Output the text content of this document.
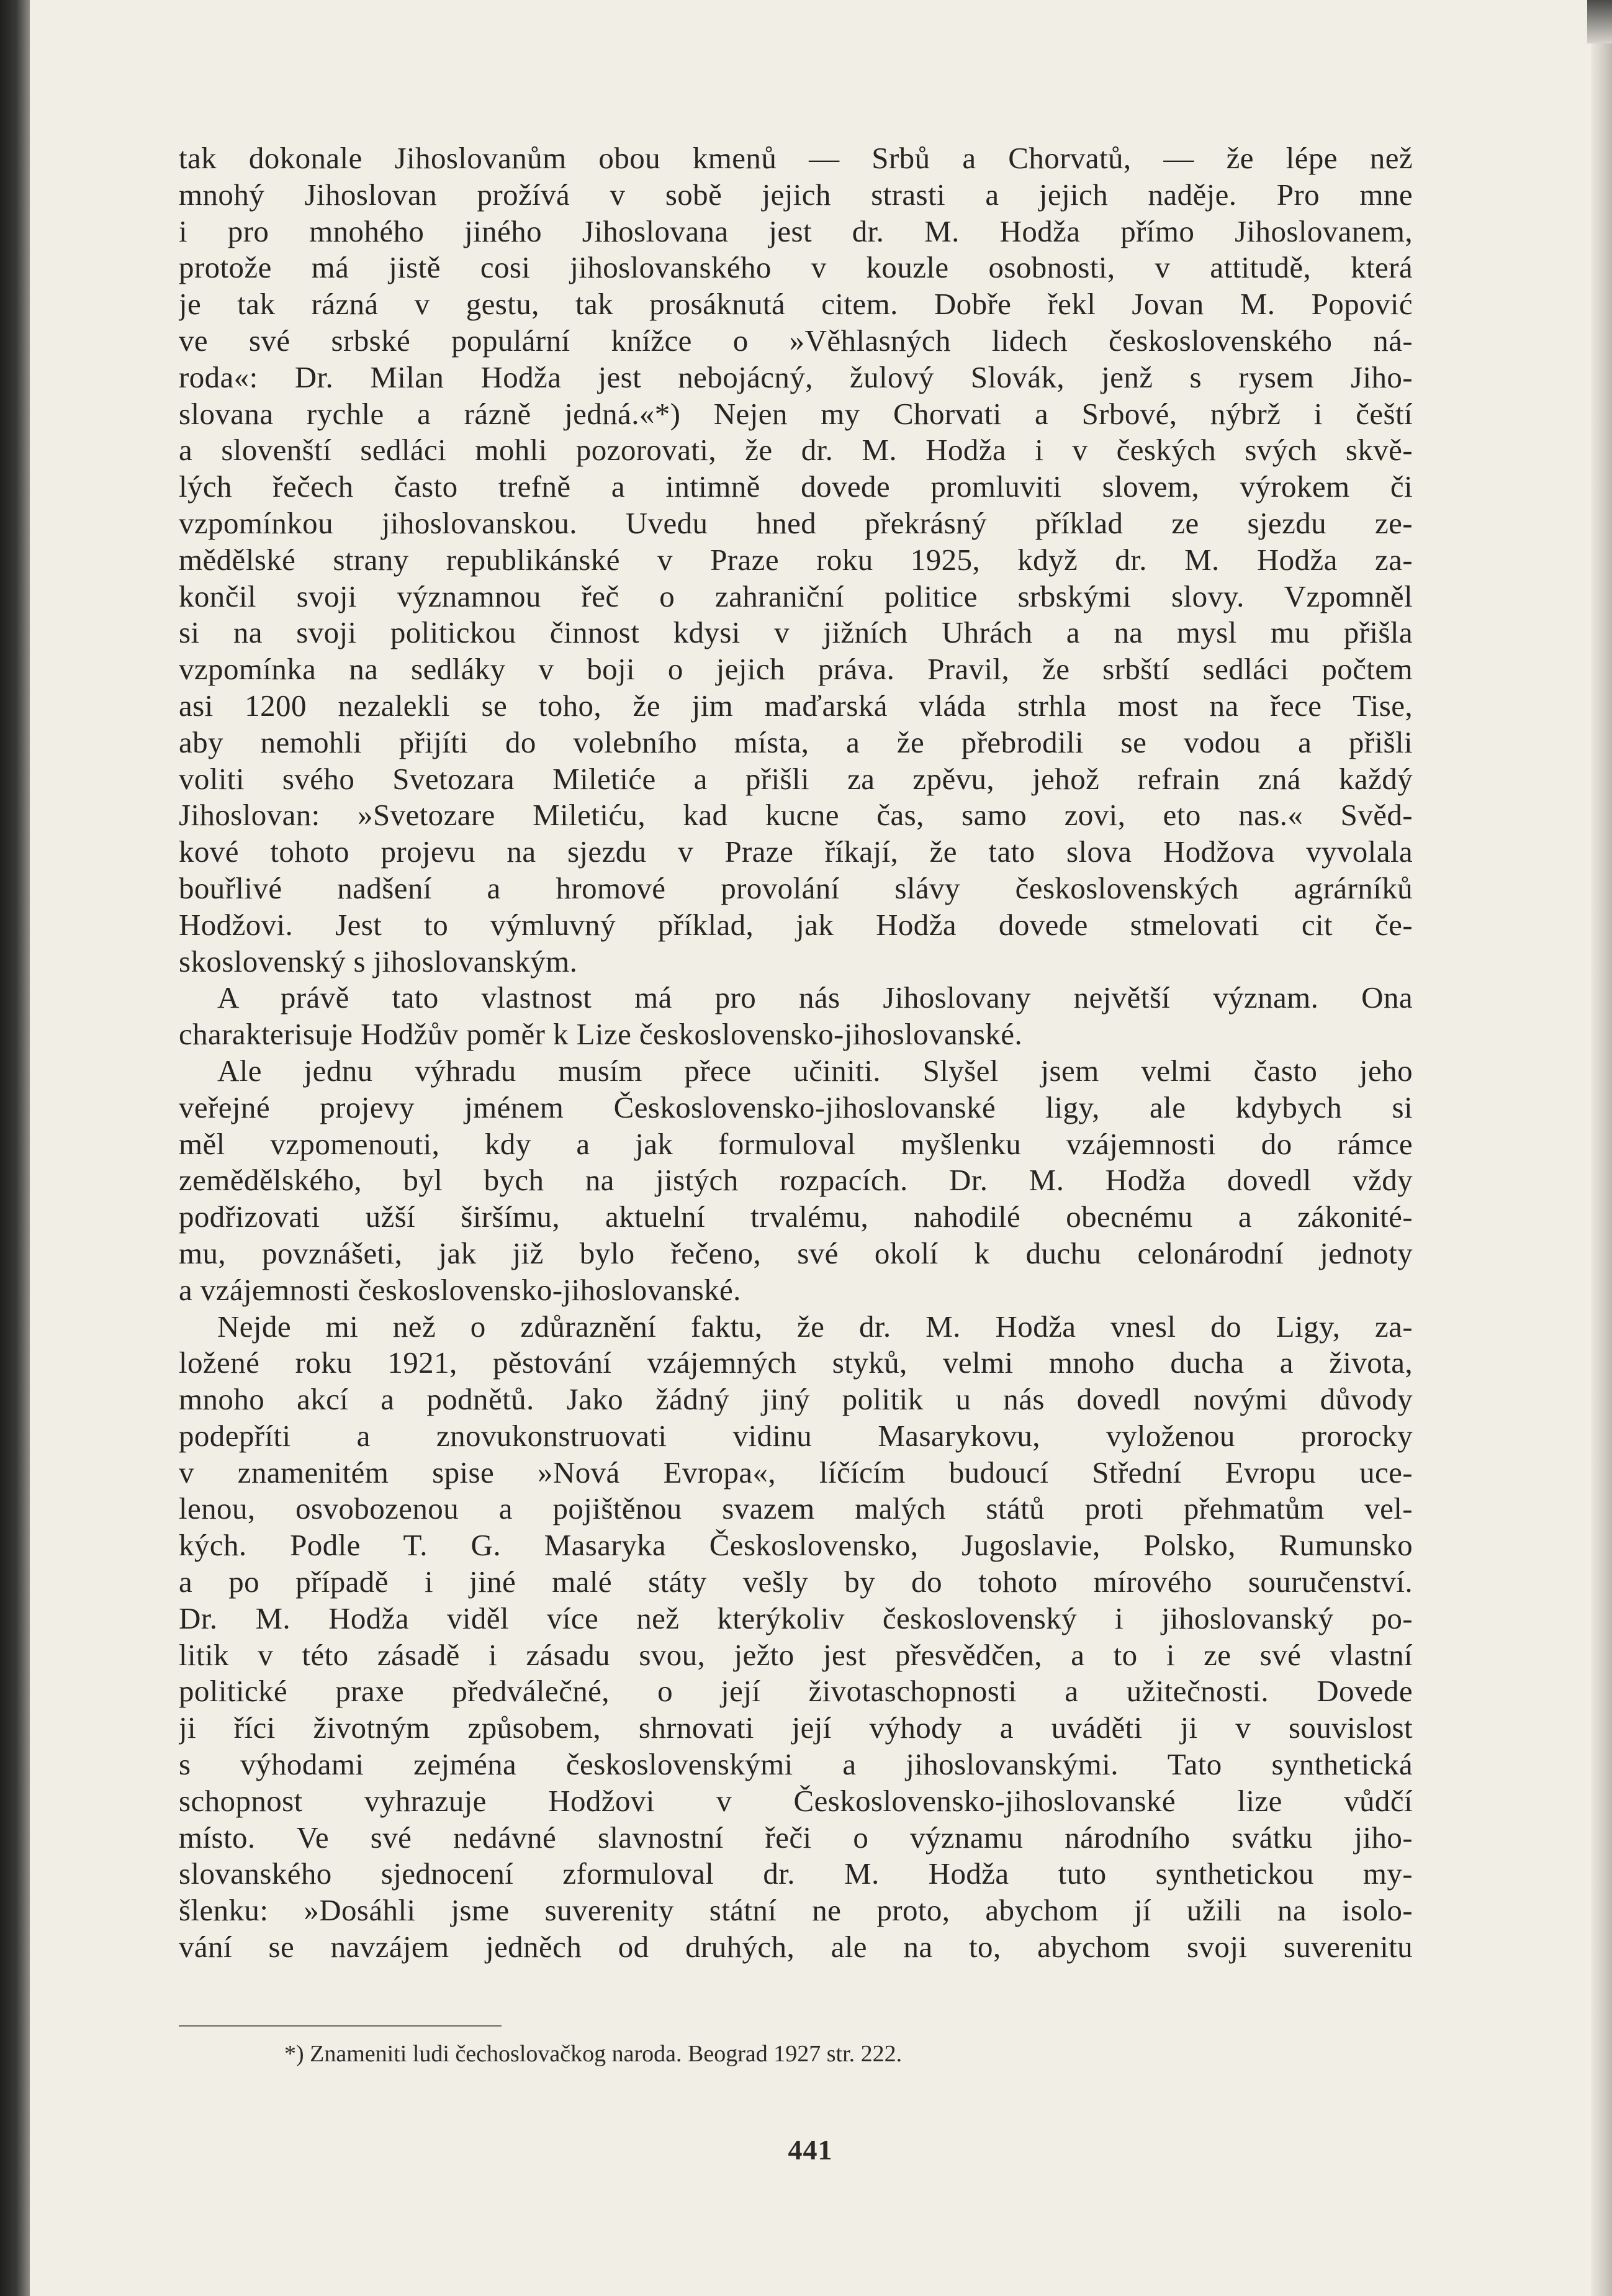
tak dokonale Jihoslovanům obou kmenů — Srbů a Chorvatů, — že lépe než
mnohý Jihoslovan prožívá v sobě jejich strasti a jejich naděje. Pro mne
i pro mnohého jiného Jihoslovana jest dr. M. Hodža přímo Jihoslovanem,
protože má jistě cosi jihoslovanského v kouzle osobnosti, v attitudě, která
je tak rázná v gestu, tak prosáknutá citem. Dobře řekl Jovan M. Popović
ve své srbské populární knížce o »Věhlasných lidech československého ná-
roda«: Dr. Milan Hodža jest nebojácný, žulový Slovák, jenž s rysem Jiho-
slovana rychle a rázně jedná.«*) Nejen my Chorvati a Srbové, nýbrž i čeští
a slovenští sedláci mohli pozorovati, že dr. M. Hodža i v českých svých skvě-
lých řečech často trefně a intimně dovede promluviti slovem, výrokem či
vzpomínkou jihoslovanskou. Uvedu hned překrásný příklad ze sjezdu ze-
mědělské strany republikánské v Praze roku 1925, když dr. M. Hodža za-
končil svoji významnou řeč o zahraniční politice srbskými slovy. Vzpomněl
si na svoji politickou činnost kdysi v jižních Uhrách a na mysl mu přišla
vzpomínka na sedláky v boji o jejich práva. Pravil, že srbští sedláci počtem
asi 1200 nezalekli se toho, že jim maďarská vláda strhla most na řece Tise,
aby nemohli přijíti do volebního místa, a že přebrodili se vodou a přišli
voliti svého Svetozara Miletiće a přišli za zpěvu, jehož refrain zná každý
Jihoslovan: »Svetozare Miletiću, kad kucne čas, samo zovi, eto nas.« Svěd-
kové tohoto projevu na sjezdu v Praze říkají, že tato slova Hodžova vyvolala
bouřlivé nadšení a hromové provolání slávy československých agrárníků
Hodžovi. Jest to výmluvný příklad, jak Hodža dovede stmelovati cit če-
skoslovenský s jihoslovanským.
A právě tato vlastnost má pro nás Jihoslovany největší význam. Ona
charakterisuje Hodžův poměr k Lize československo-jihoslovanské.
Ale jednu výhradu musím přece učiniti. Slyšel jsem velmi často jeho
veřejné projevy jménem Československo-jihoslovanské ligy, ale kdybych si
měl vzpomenouti, kdy a jak formuloval myšlenku vzájemnosti do rámce
zemědělského, byl bych na jistých rozpacích. Dr. M. Hodža dovedl vždy
podřizovati užší širšímu, aktuelní trvalému, nahodilé obecnému a zákonité-
mu, povznášeti, jak již bylo řečeno, své okolí k duchu celonárodní jednoty
a vzájemnosti československo-jihoslovanské.
Nejde mi než o zdůraznění faktu, že dr. M. Hodža vnesl do Ligy, za-
ložené roku 1921, pěstování vzájemných styků, velmi mnoho ducha a života,
mnoho akcí a podnětů. Jako žádný jiný politik u nás dovedl novými důvody
podepříti a znovukonstruovati vidinu Masarykovu, vyloženou prorocky
v znamenitém spise »Nová Evropa«, líčícím budoucí Střední Evropu uce-
lenou, osvobozenou a pojištěnou svazem malých států proti přehmatům vel-
kých. Podle T. G. Masaryka Československo, Jugoslavie, Polsko, Rumunsko
a po případě i jiné malé státy vešly by do tohoto mírového souručenství.
Dr. M. Hodža viděl více než kterýkoliv československý i jihoslovanský po-
litik v této zásadě i zásadu svou, ježto jest přesvědčen, a to i ze své vlastní
politické praxe předválečné, o její životaschopnosti a užitečnosti. Dovede
ji říci životným způsobem, shrnovati její výhody a uváděti ji v souvislost
s výhodami zejména československými a jihoslovanskými. Tato synthetická
schopnost vyhrazuje Hodžovi v Československo-jihoslovanské lize vůdčí
místo. Ve své nedávné slavnostní řeči o významu národního svátku jiho-
slovanského sjednocení zformuloval dr. M. Hodža tuto synthetickou my-
šlenku: »Dosáhli jsme suverenity státní ne proto, abychom jí užili na isolo-
vání se navzájem jedněch od druhých, ale na to, abychom svoji suverenitu
*) Znameniti ludi čechoslovačkog naroda. Beograd 1927 str. 222.
441
